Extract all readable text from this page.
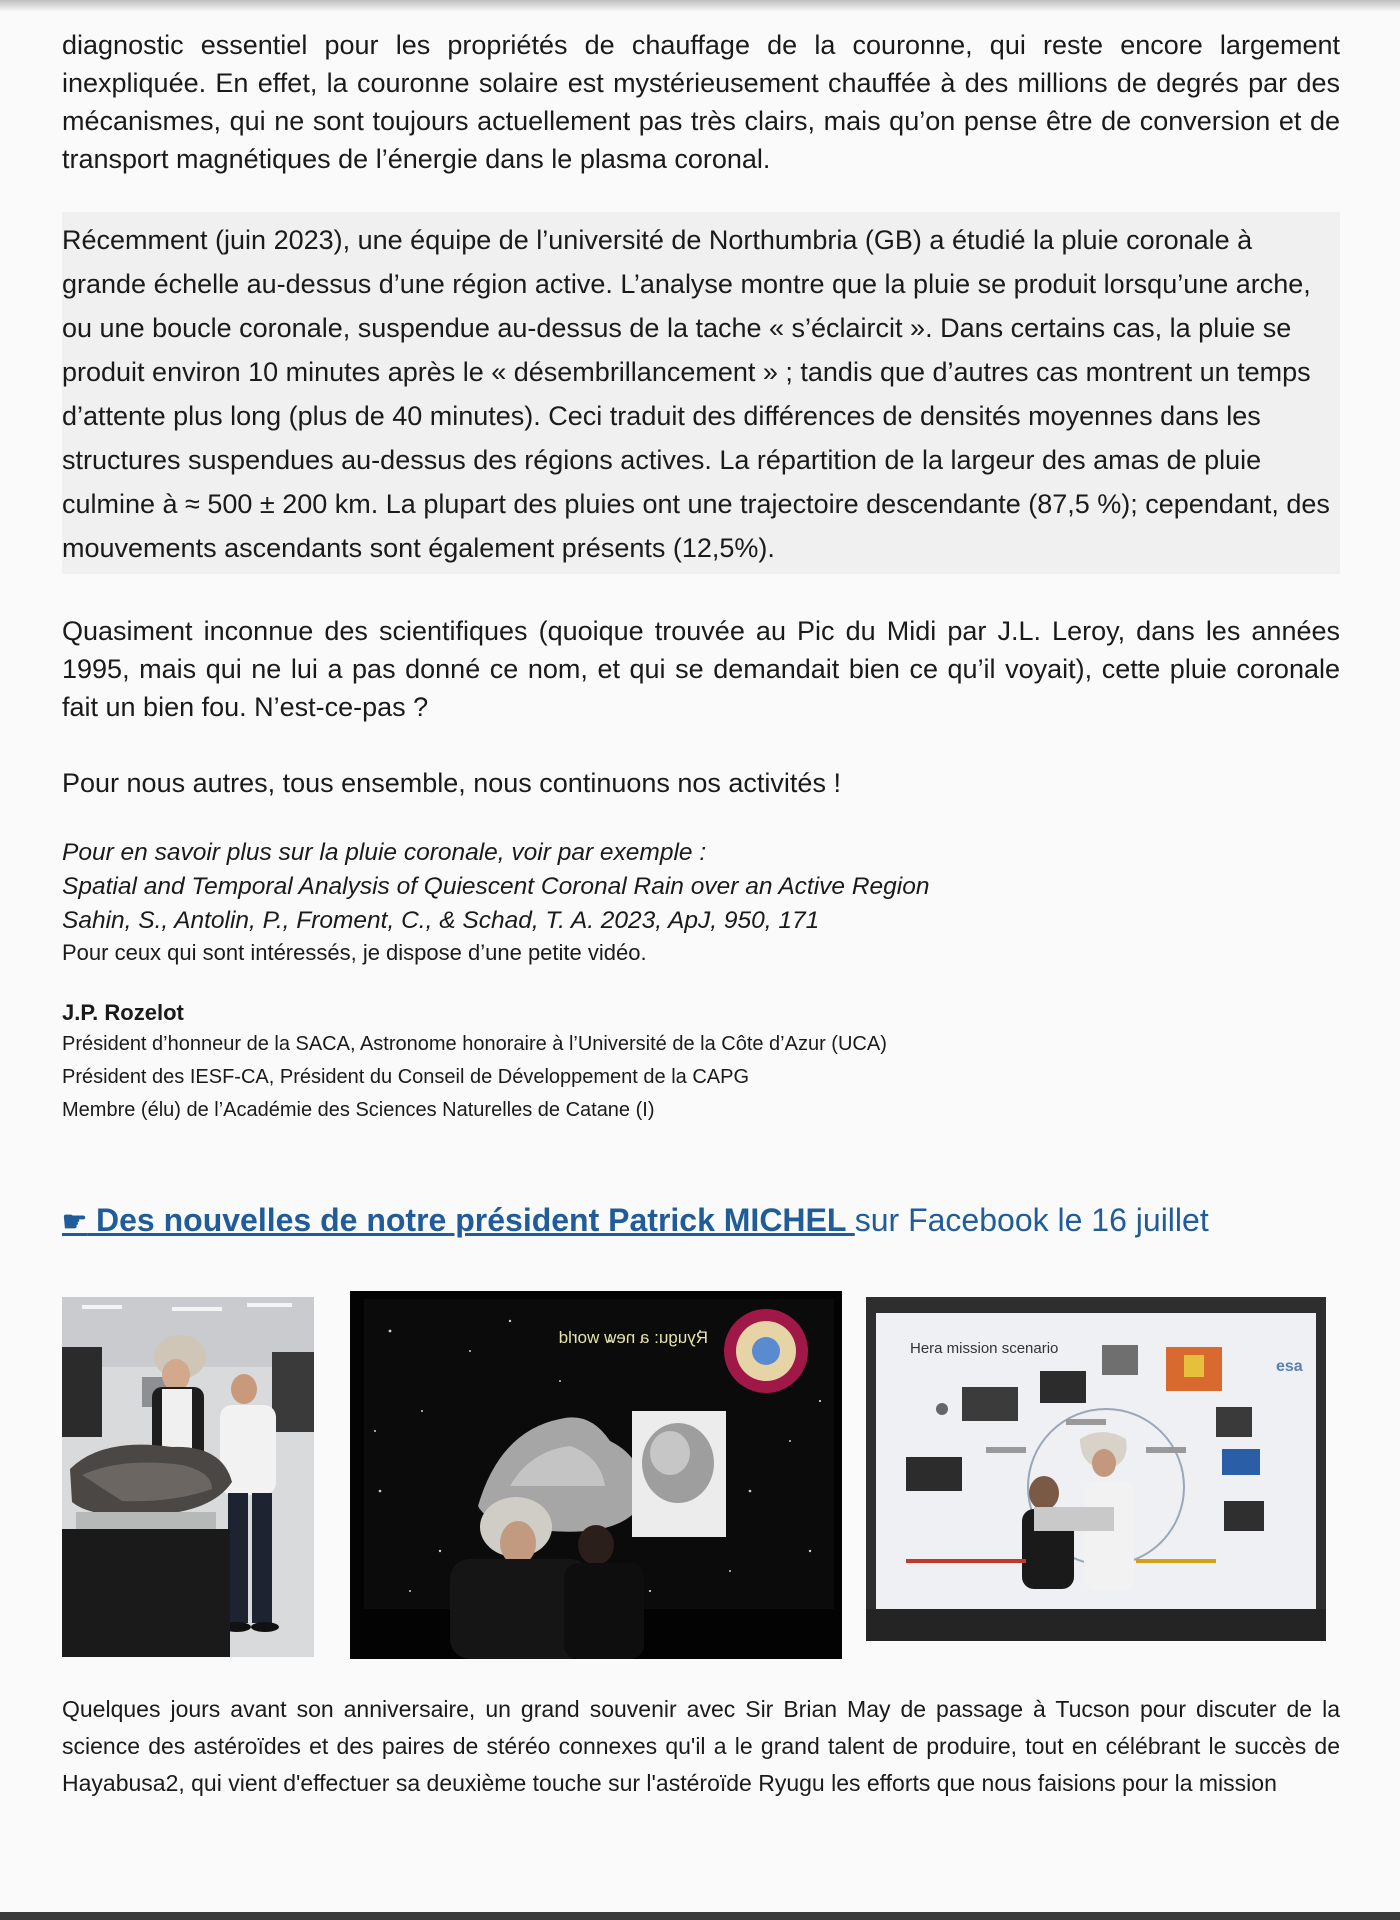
diagnostic essentiel pour les propriétés de chauffage de la couronne, qui reste encore largement inexpliquée. En effet, la couronne solaire est mystérieusement chauffée à des millions de degrés par des mécanismes, qui ne sont toujours actuellement pas très clairs, mais qu’on pense être de conversion et de transport magnétiques de l’énergie dans le plasma coronal.

Récemment (juin 2023), une équipe de l’université de Northumbria (GB) a étudié la pluie coronale à grande échelle au-dessus d’une région active. L’analyse montre que la pluie se produit lorsqu’une arche, ou une boucle coronale, suspendue au-dessus de la tache « s’éclaircit ». Dans certains cas, la pluie se produit environ 10 minutes après le « désembrillancement » ; tandis que d’autres cas montrent un temps d’attente plus long (plus de 40 minutes). Ceci traduit des différences de densités moyennes dans les structures suspendues au-dessus des régions actives. La répartition de la largeur des amas de pluie culmine à ≈ 500 ± 200 km. La plupart des pluies ont une trajectoire descendante (87,5 %); cependant, des mouvements ascendants sont également présents (12,5%).

Quasiment inconnue des scientifiques (quoique trouvée au Pic du Midi par J.L. Leroy, dans les années 1995, mais qui ne lui a pas donné ce nom, et qui se demandait bien ce qu’il voyait), cette pluie coronale fait un bien fou. N’est-ce-pas ?

Pour nous autres, tous ensemble, nous continuons nos activités !

Pour en savoir plus sur la pluie coronale, voir par exemple :

Spatial and Temporal Analysis of Quiescent Coronal Rain over an Active Region

Sahin, S., Antolin, P., Froment, C., & Schad, T. A. 2023, ApJ, 950, 171

Pour ceux qui sont intéressés, je dispose d’une petite vidéo.

J.P. Rozelot

Président d’honneur de la SACA, Astronome honoraire à l’Université de la Côte d’Azur (UCA)

Président des IESF-CA, Président du Conseil de Développement de la CAPG

Membre (élu) de l’Académie des Sciences Naturelles de Catane (I)

☛ Des nouvelles de notre président Patrick MICHEL sur Facebook le 16 juillet
Ryugu: a new world
Hera mission scenario
esa

Quelques jours avant son anniversaire, un grand souvenir avec Sir Brian May de passage à Tucson pour discuter de la science des astéroïdes et des paires de stéréo connexes qu'il a le grand talent de produire, tout en célébrant le succès de Hayabusa2, qui vient d'effectuer sa deuxième touche sur l'astéroïde Ryugu les efforts que nous faisions pour la mission
